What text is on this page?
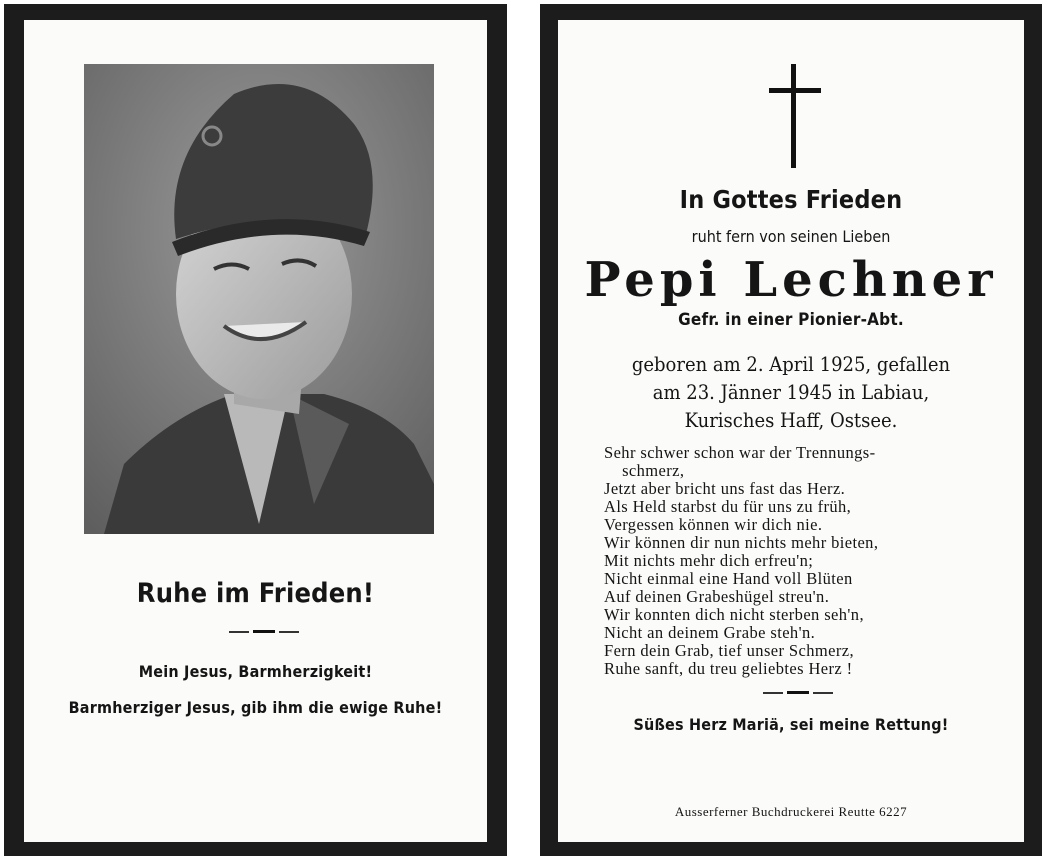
Ruhe im Frieden!
Mein Jesus, Barmherzigkeit!
Barmherziger Jesus, gib ihm die ewige Ruhe!
In Gottes Frieden
ruht fern von seinen Lieben
Pepi Lechner
Gefr. in einer Pionier-Abt.
geboren am 2. April 1925, gefallen
am 23. Jänner 1945 in Labiau,
Kurisches Haff, Ostsee.
Sehr schwer schon war der Trennungs-
schmerz,
Jetzt aber bricht uns fast das Herz.
Als Held starbst du für uns zu früh,
Vergessen können wir dich nie.
Wir können dir nun nichts mehr bieten,
Mit nichts mehr dich erfreu'n;
Nicht einmal eine Hand voll Blüten
Auf deinen Grabeshügel streu'n.
Wir konnten dich nicht sterben seh'n,
Nicht an deinem Grabe steh'n.
Fern dein Grab, tief unser Schmerz,
Ruhe sanft, du treu geliebtes Herz !
Süßes Herz Mariä, sei meine Rettung!
Ausserferner Buchdruckerei Reutte 6227
